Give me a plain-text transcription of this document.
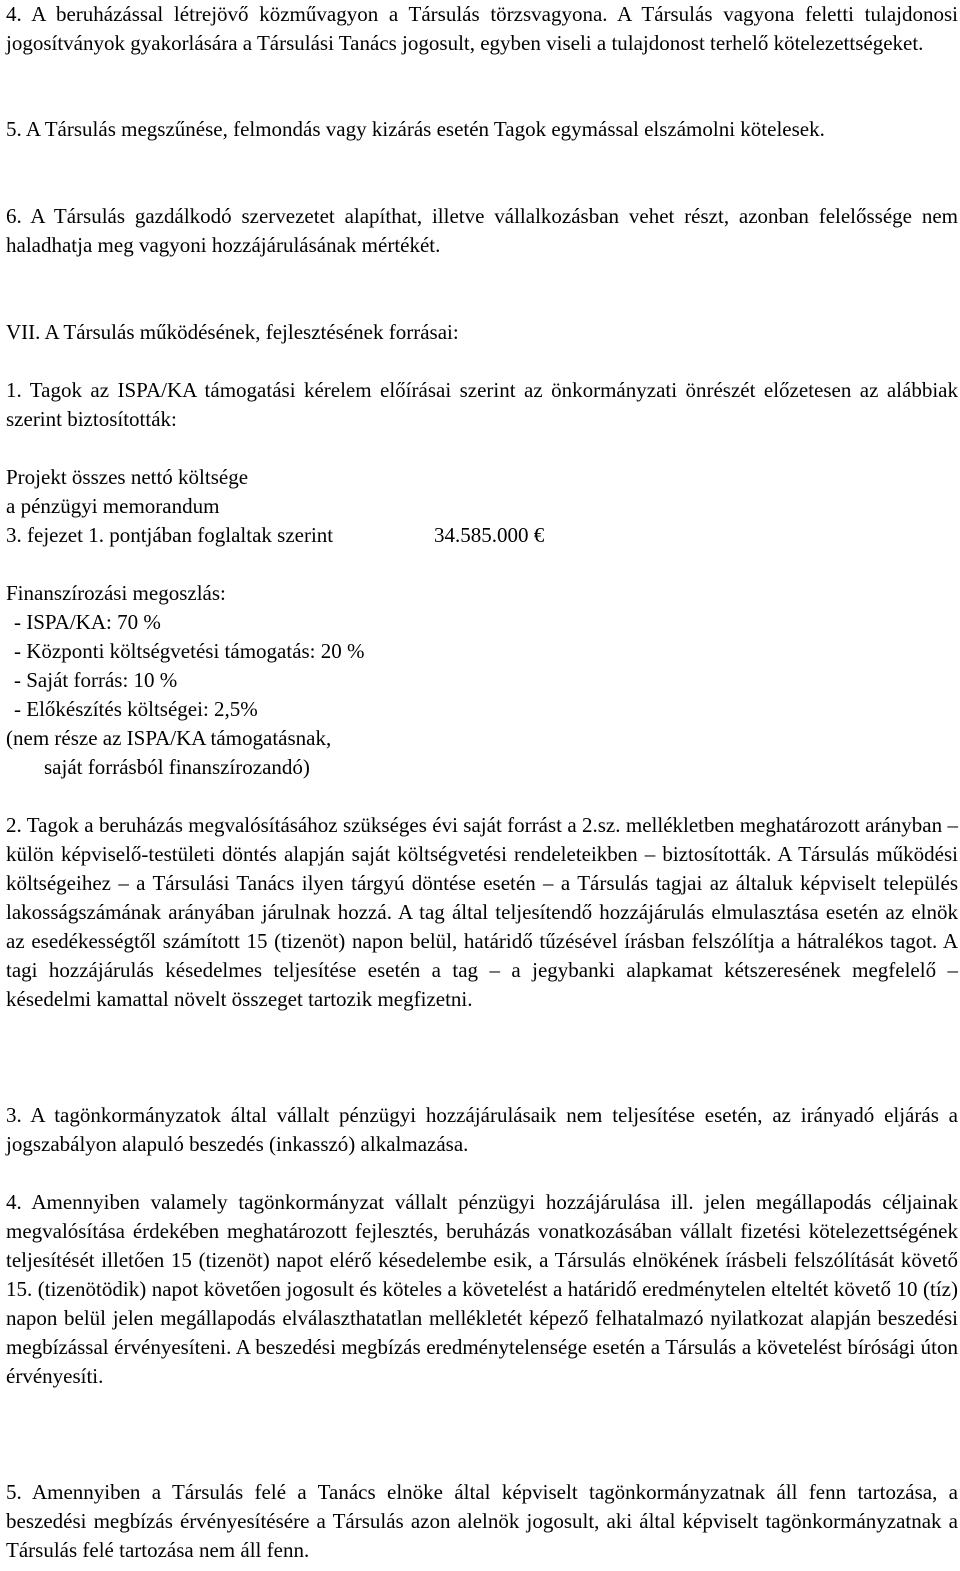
4. A beruházással létrejövő közművagyon a Társulás törzsvagyona. A Társulás vagyona feletti tulajdonosi jogosítványok gyakorlására a Társulási Tanács jogosult, egyben viseli a tulajdonost terhelő kötelezettségeket.

5. A Társulás megszűnése, felmondás vagy kizárás esetén Tagok egymással elszámolni kötelesek.

6. A Társulás gazdálkodó szervezetet alapíthat, illetve vállalkozásban vehet részt, azonban felelőssége nem haladhatja meg vagyoni hozzájárulásának mértékét.

VII. A Társulás működésének, fejlesztésének forrásai:

1. Tagok az ISPA/KA támogatási kérelem előírásai szerint az önkormányzati önrészét előzetesen az alábbiak szerint biztosították:

Projekt összes nettó költsége

a pénzügyi memorandum

3. fejezet 1. pontjában foglaltak szerint	34.585.000 €

Finanszírozási megoszlás:

- ISPA/KA: 70 %

- Központi költségvetési támogatás: 20 %

- Saját forrás: 10 %

- Előkészítés költségei: 2,5%

(nem része az ISPA/KA támogatásnak,

saját forrásból finanszírozandó)

2. Tagok a beruházás megvalósításához szükséges évi saját forrást a 2.sz. mellékletben meghatározott arányban – külön képviselő-testületi döntés alapján saját költségvetési rendeleteikben – biztosították. A Társulás működési költségeihez – a Társulási Tanács ilyen tárgyú döntése esetén – a Társulás tagjai az általuk képviselt település lakosságszámának arányában járulnak hozzá. A tag által teljesítendő hozzájárulás elmulasztása esetén az elnök az esedékességtől számított 15 (tizenöt) napon belül, határidő tűzésével írásban felszólítja a hátralékos tagot. A tagi hozzájárulás késedelmes teljesítése esetén a tag – a jegybanki alapkamat kétszeresének megfelelő – késedelmi kamattal növelt összeget tartozik megfizetni.

3. A tagönkormányzatok által vállalt pénzügyi hozzájárulásaik nem teljesítése esetén, az irányadó eljárás a jogszabályon alapuló beszedés (inkasszó) alkalmazása.

4. Amennyiben valamely tagönkormányzat vállalt pénzügyi hozzájárulása ill. jelen megállapodás céljainak megvalósítása érdekében meghatározott fejlesztés, beruházás vonatkozásában vállalt fizetési kötelezettségének teljesítését illetően 15 (tizenöt) napot elérő késedelembe esik, a Társulás elnökének írásbeli felszólítását követő 15. (tizenötödik) napot követően jogosult és köteles a követelést a határidő eredménytelen elteltét követő 10 (tíz) napon belül jelen megállapodás elválaszthatatlan mellékletét képező felhatalmazó nyilatkozat alapján beszedési megbízással érvényesíteni. A beszedési megbízás eredménytelensége esetén a Társulás a követelést bírósági úton érvényesíti.

5. Amennyiben a Társulás felé a Tanács elnöke által képviselt tagönkormányzatnak áll fenn tartozása, a beszedési megbízás érvényesítésére a Társulás azon alelnök jogosult, aki által képviselt tagönkormányzatnak a Társulás felé tartozása nem áll fenn.
